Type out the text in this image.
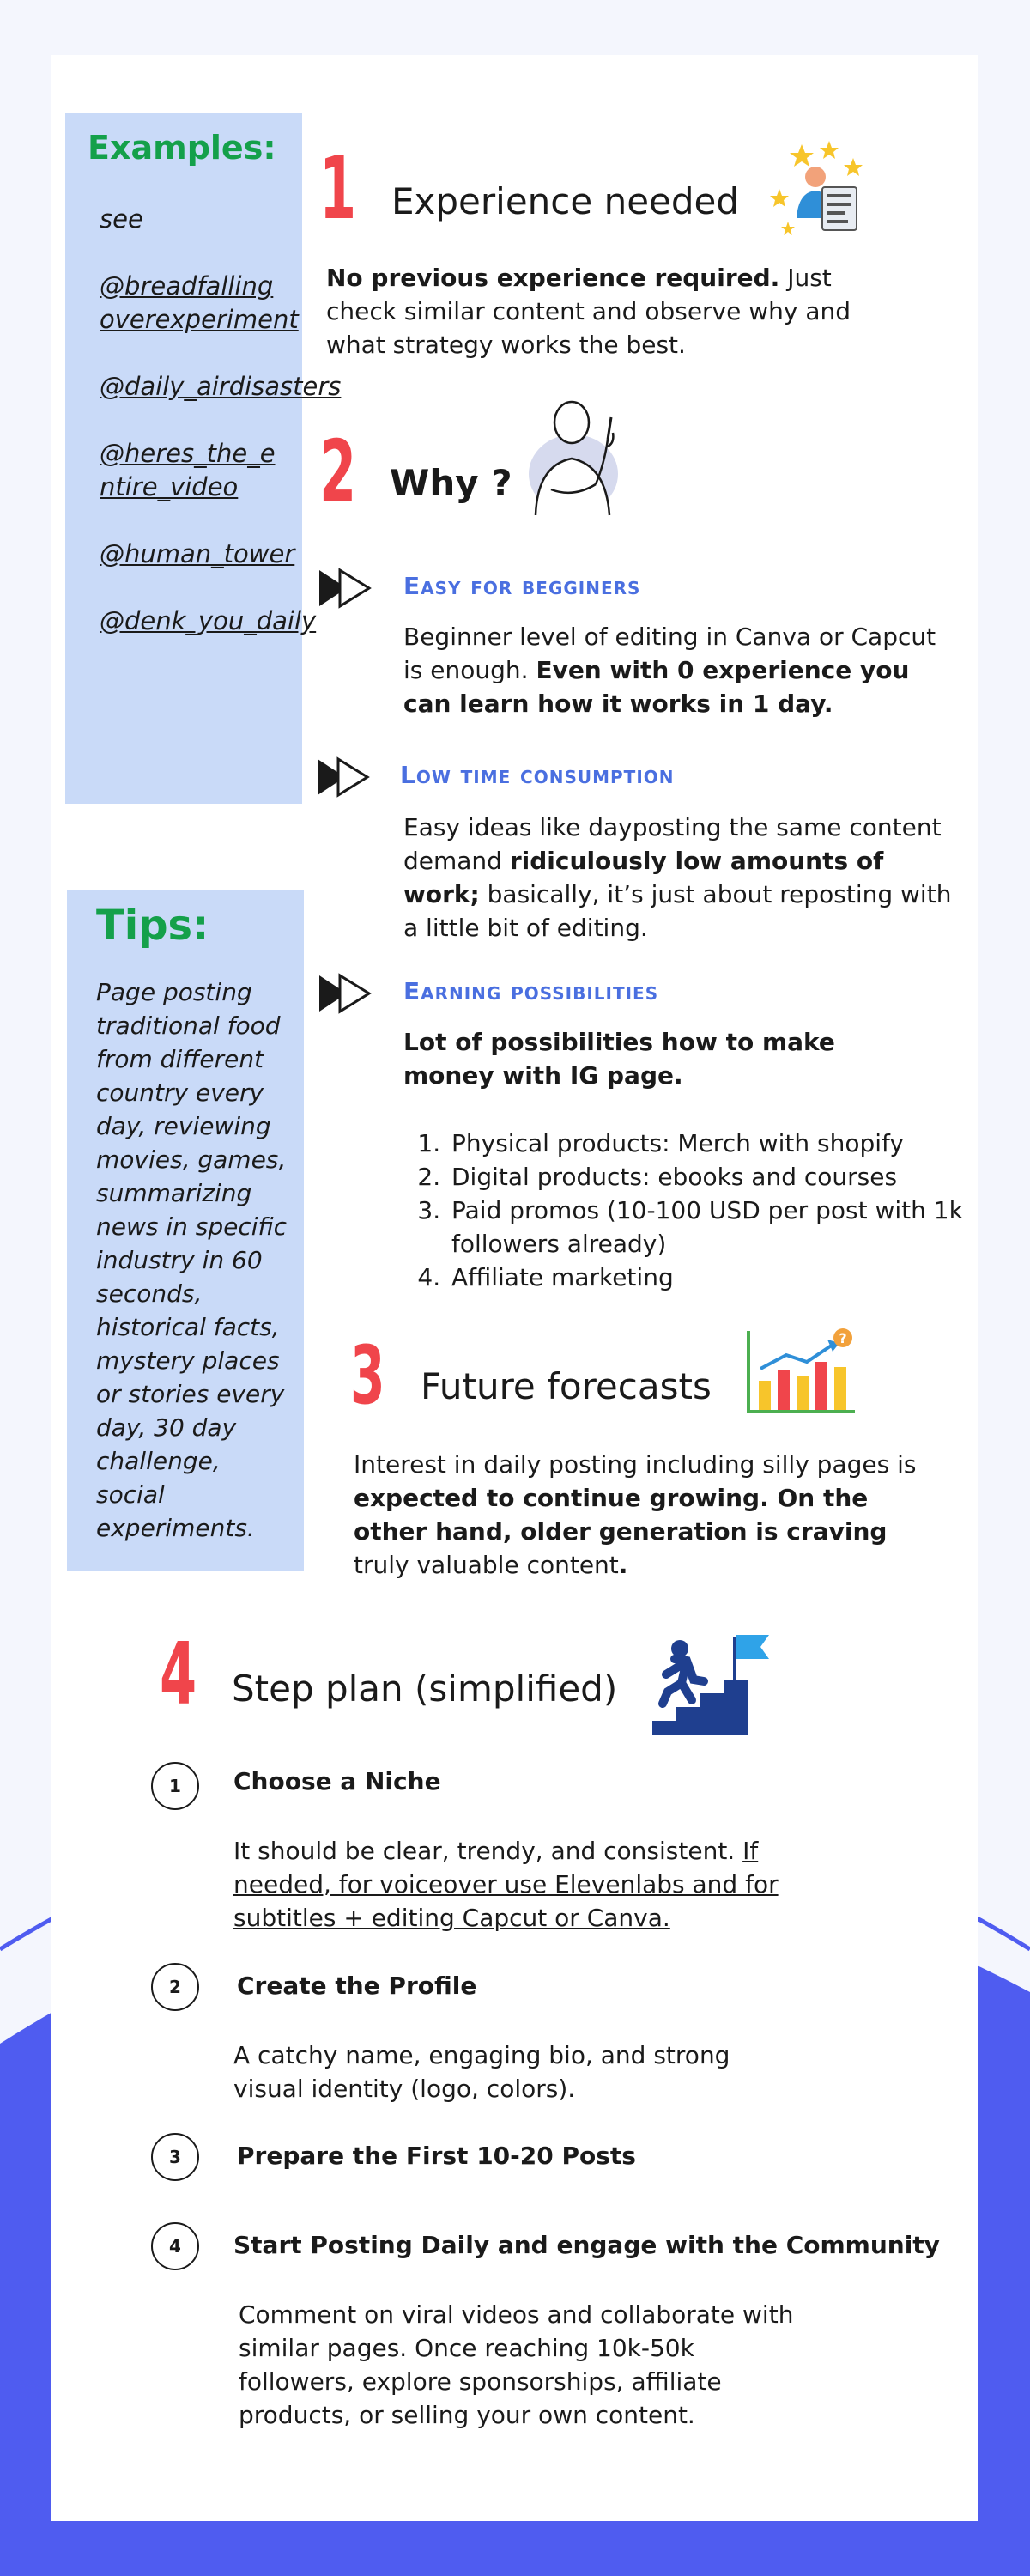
Examples:
see
@breadfalling overexperiment
@daily_airdisasters
@heres_the_entire_video
@human_tower
@denk_you_daily
Tips:
Page posting traditional food from different country every day, reviewing movies, games, summarizing news in specific industry in 60 seconds, historical facts, mystery places or stories every day, 30 day challenge, social experiments.
1 Experience needed
No previous experience required. Just check similar content and observe why and what strategy works the best.
2 Why ?
Easy for begginers
Beginner level of editing in Canva or Capcut is enough. Even with 0 experience you can learn how it works in 1 day.
Low time consumption
Easy ideas like dayposting the same content demand ridiculously low amounts of work; basically, it’s just about reposting with a little bit of editing.
Earning possibilities
Lot of possibilities how to make money with IG page.
1. Physical products: Merch with shopify
2. Digital products: ebooks and courses
3. Paid promos (10-100 USD per post with 1k followers already)
4. Affiliate marketing
3 Future forecasts
?
Interest in daily posting including silly pages is expected to continue growing. On the other hand, older generation is craving truly valuable content.
4 Step plan (simplified)
1	Choose a Niche
It should be clear, trendy, and consistent. If needed, for voiceover use Elevenlabs and for subtitles + editing Capcut or Canva.
2	Create the Profile
A catchy name, engaging bio, and strong visual identity (logo, colors).
3	Prepare the First 10-20 Posts
4	Start Posting Daily and engage with the Community
Comment on viral videos and collaborate with similar pages. Once reaching 10k-50k followers, explore sponsorships, affiliate products, or selling your own content.
